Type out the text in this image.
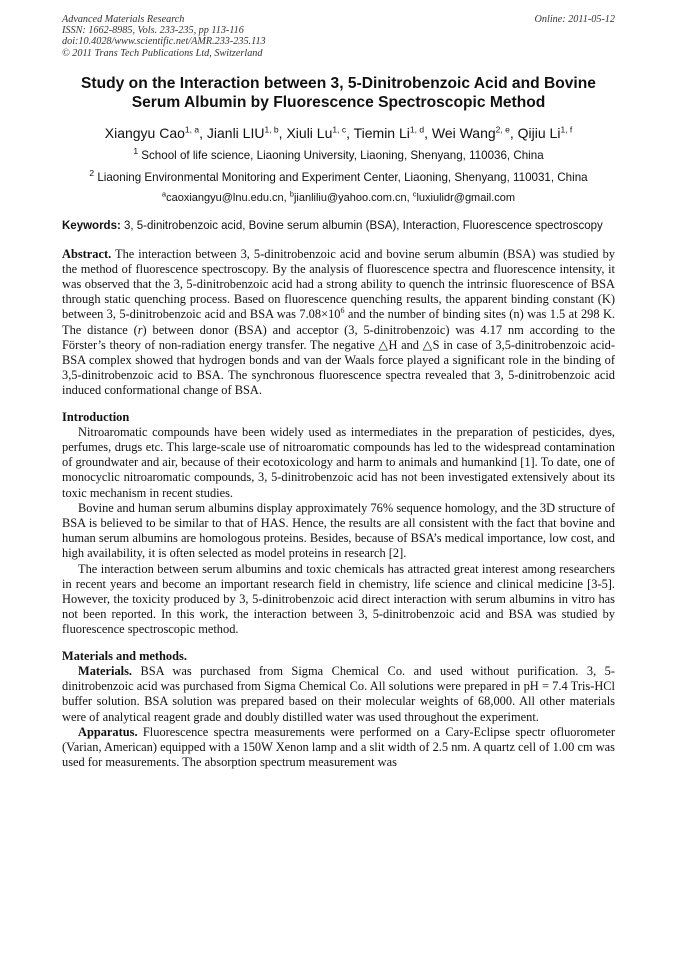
Advanced Materials Research
ISSN: 1662-8985, Vols. 233-235, pp 113-116
doi:10.4028/www.scientific.net/AMR.233-235.113
© 2011 Trans Tech Publications Ltd, Switzerland
Online: 2011-05-12
Study on the Interaction between 3, 5-Dinitrobenzoic Acid and Bovine
Serum Albumin by Fluorescence Spectroscopic Method
Xiangyu Cao$^{1, a}$, Jianli LIU$^{1, b}$, Xiuli Lu$^{1, c}$, Tiemin Li$^{1, d}$, Wei Wang$^{2, e}$, Qijiu Li$^{1, f}$
$^1$ School of life science, Liaoning University, Liaoning, Shenyang, 110036, China
$^2$ Liaoning Environmental Monitoring and Experiment Center, Liaoning, Shenyang, 110031, China
$^a$caoxiangyu@lnu.edu.cn, $^b$jianliliu@yahoo.com.cn, $^c$luxiulidr@gmail.com
Keywords: 3, 5-dinitrobenzoic acid, Bovine serum albumin (BSA), Interaction, Fluorescence spectroscopy
Abstract. The interaction between 3, 5-dinitrobenzoic acid and bovine serum albumin (BSA) was studied by the method of fluorescence spectroscopy. By the analysis of fluorescence spectra and fluorescence intensity, it was observed that the 3, 5-dinitrobenzoic acid had a strong ability to quench the intrinsic fluorescence of BSA through static quenching process. Based on fluorescence quenching results, the apparent binding constant (K) between 3, 5-dinitrobenzoic acid and BSA was $7.08\times 10^6$ and the number of binding sites (n) was 1.5 at 298 K. The distance (r) between donor (BSA) and acceptor (3, 5-dinitrobenzoic) was 4.17 nm according to the Förster’s theory of non-radiation energy transfer. The negative △H and △S in case of 3,5-dinitrobenzoic acid-BSA complex showed that hydrogen bonds and van der Waals force played a significant role in the binding of 3,5-dinitrobenzoic acid to BSA. The synchronous fluorescence spectra revealed that 3, 5-dinitrobenzoic acid induced conformational change of BSA.
Introduction

Nitroaromatic compounds have been widely used as intermediates in the preparation of pesticides, dyes, perfumes, drugs etc. This large-scale use of nitroaromatic compounds has led to the widespread contamination of groundwater and air, because of their ecotoxicology and harm to animals and humankind [1]. To date, one of monocyclic nitroaromatic compounds, 3, 5-dinitrobenzoic acid has not been investigated extensively about its toxic mechanism in recent studies.

Bovine and human serum albumins display approximately 76% sequence homology, and the 3D structure of BSA is believed to be similar to that of HAS. Hence, the results are all consistent with the fact that bovine and human serum albumins are homologous proteins. Besides, because of BSA’s medical importance, low cost, and high availability, it is often selected as model proteins in research [2].

The interaction between serum albumins and toxic chemicals has attracted great interest among researchers in recent years and become an important research field in chemistry, life science and clinical medicine [3-5]. However, the toxicity produced by 3, 5-dinitrobenzoic acid direct interaction with serum albumins in vitro has not been reported. In this work, the interaction between 3, 5-dinitrobenzoic acid and BSA was studied by fluorescence spectroscopic method.

Materials and methods.

Materials. BSA was purchased from Sigma Chemical Co. and used without purification. 3, 5-dinitrobenzoic acid was purchased from Sigma Chemical Co. All solutions were prepared in pH = 7.4 Tris-HCl buffer solution. BSA solution was prepared based on their molecular weights of 68,000. All other materials were of analytical reagent grade and doubly distilled water was used throughout the experiment.

Apparatus. Fluorescence spectra measurements were performed on a Cary-Eclipse spectr ofluorometer (Varian, American) equipped with a 150W Xenon lamp and a slit width of 2.5 nm. A quartz cell of 1.00 cm was used for measurements. The absorption spectrum measurement was
